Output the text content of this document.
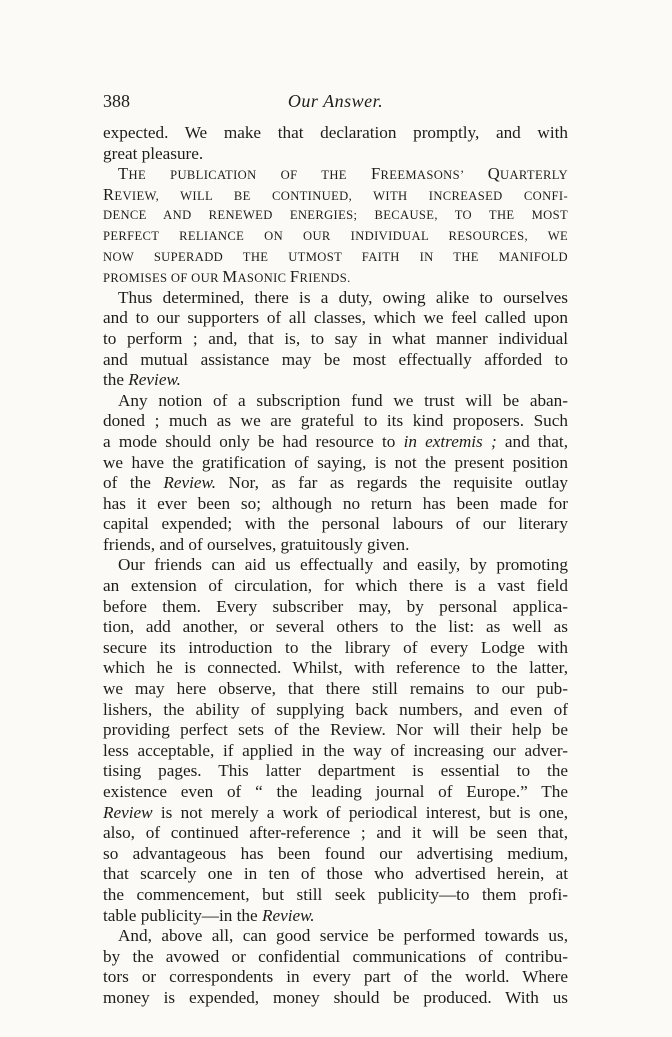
388	Our Answer.
expected. We make that declaration promptly, and with
great pleasure.
THE PUBLICATION OF THE FREEMASONS’ QUARTERLY
REVIEW, WILL BE CONTINUED, WITH INCREASED CONFI-
DENCE AND RENEWED ENERGIES; BECAUSE, TO THE MOST
PERFECT RELIANCE ON OUR INDIVIDUAL RESOURCES, WE
NOW SUPERADD THE UTMOST FAITH IN THE MANIFOLD
PROMISES OF OUR MASONIC FRIENDS.
Thus determined, there is a duty, owing alike to ourselves
and to our supporters of all classes, which we feel called upon
to perform ; and, that is, to say in what manner individual
and mutual assistance may be most effectually afforded to
the Review.
Any notion of a subscription fund we trust will be aban-
doned ; much as we are grateful to its kind proposers. Such
a mode should only be had resource to in extremis ; and that,
we have the gratification of saying, is not the present position
of the Review. Nor, as far as regards the requisite outlay
has it ever been so; although no return has been made for
capital expended; with the personal labours of our literary
friends, and of ourselves, gratuitously given.
Our friends can aid us effectually and easily, by promoting
an extension of circulation, for which there is a vast field
before them. Every subscriber may, by personal applica-
tion, add another, or several others to the list: as well as
secure its introduction to the library of every Lodge with
which he is connected. Whilst, with reference to the latter,
we may here observe, that there still remains to our pub-
lishers, the ability of supplying back numbers, and even of
providing perfect sets of the Review. Nor will their help be
less acceptable, if applied in the way of increasing our adver-
tising pages. This latter department is essential to the
existence even of “ the leading journal of Europe.” The
Review is not merely a work of periodical interest, but is one,
also, of continued after-reference ; and it will be seen that,
so advantageous has been found our advertising medium,
that scarcely one in ten of those who advertised herein, at
the commencement, but still seek publicity—to them profi-
table publicity—in the Review.
And, above all, can good service be performed towards us,
by the avowed or confidential communications of contribu-
tors or correspondents in every part of the world. Where
money is expended, money should be produced. With us
